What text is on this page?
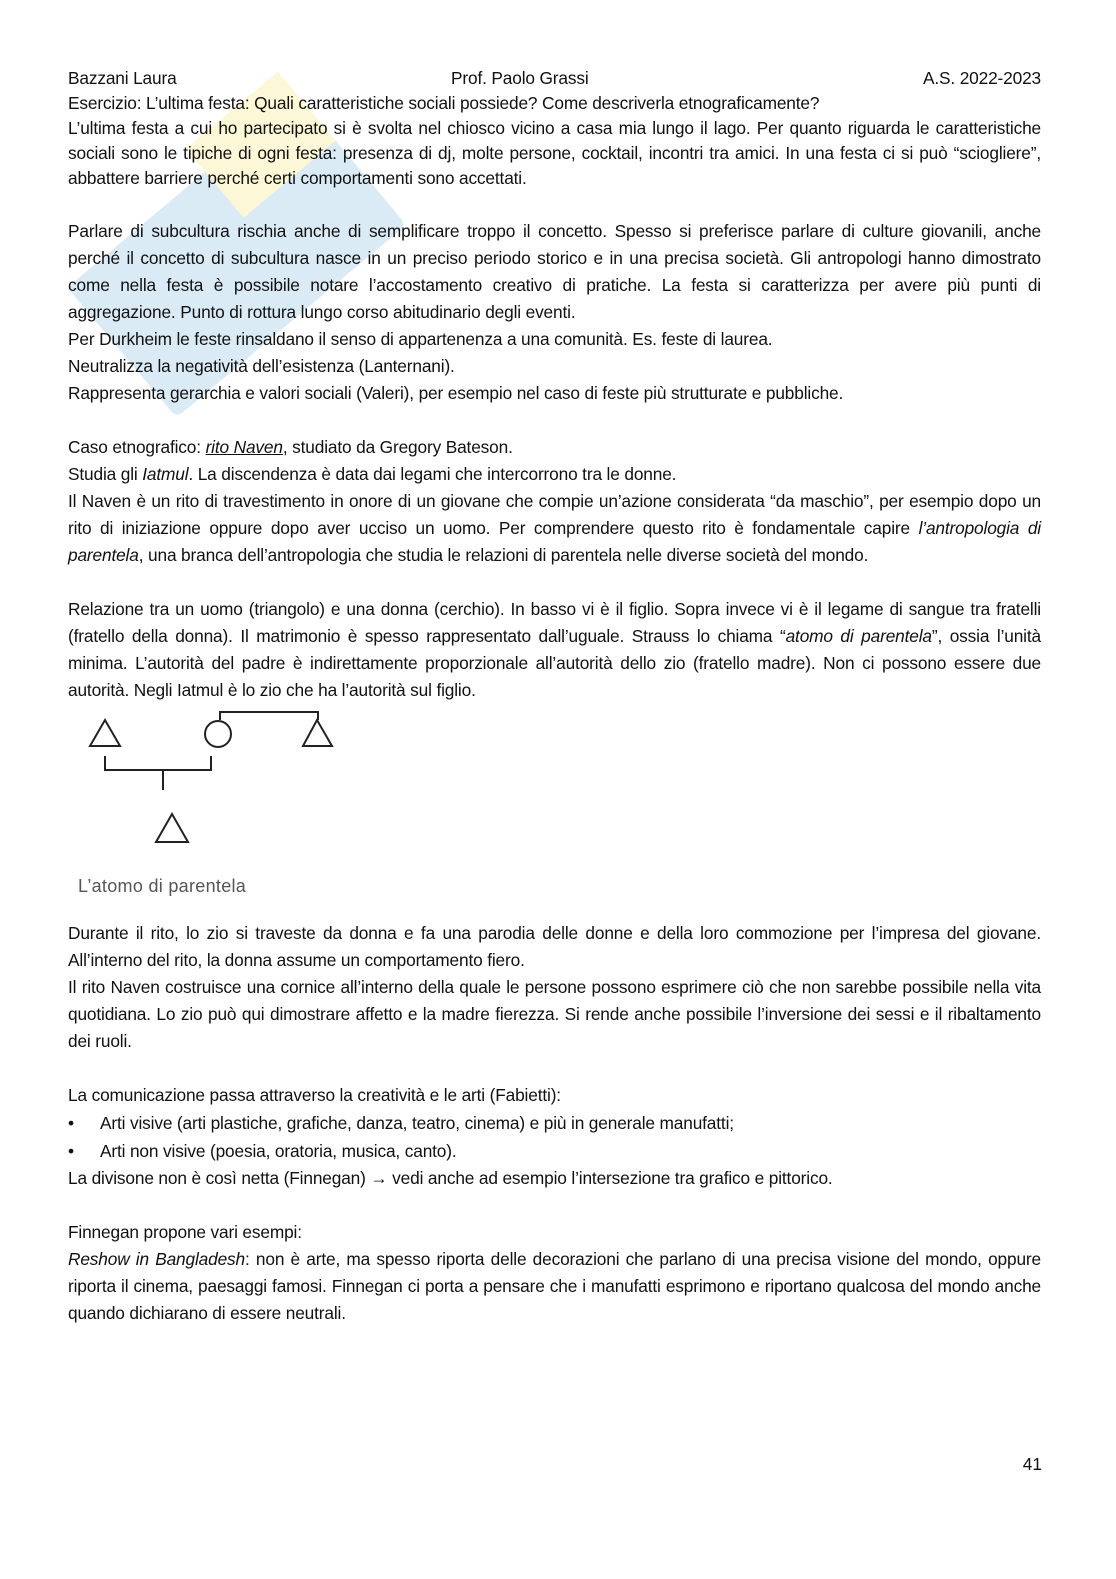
Bazzani Laura	Prof. Paolo Grassi	A.S. 2022-2023

Esercizio: L’ultima festa: Quali caratteristiche sociali possiede? Come descriverla etnograficamente?

L’ultima festa a cui ho partecipato si è svolta nel chiosco vicino a casa mia lungo il lago. Per quanto riguarda le caratteristiche sociali sono le tipiche di ogni festa: presenza di dj, molte persone, cocktail, incontri tra amici. In una festa ci si può “sciogliere”, abbattere barriere perché certi comportamenti sono accettati.

Parlare di subcultura rischia anche di semplificare troppo il concetto. Spesso si preferisce parlare di culture giovanili, anche perché il concetto di subcultura nasce in un preciso periodo storico e in una precisa società. Gli antropologi hanno dimostrato come nella festa è possibile notare l’accostamento creativo di pratiche. La festa si caratterizza per avere più punti di aggregazione. Punto di rottura lungo corso abitudinario degli eventi.

Per Durkheim le feste rinsaldano il senso di appartenenza a una comunità. Es. feste di laurea.

Neutralizza la negatività dell’esistenza (Lanternani).

Rappresenta gerarchia e valori sociali (Valeri), per esempio nel caso di feste più strutturate e pubbliche.

Caso etnografico: rito Naven, studiato da Gregory Bateson.

Studia gli Iatmul. La discendenza è data dai legami che intercorrono tra le donne.

Il Naven è un rito di travestimento in onore di un giovane che compie un’azione considerata “da maschio”, per esempio dopo un rito di iniziazione oppure dopo aver ucciso un uomo. Per comprendere questo rito è fondamentale capire l’antropologia di parentela, una branca dell’antropologia che studia le relazioni di parentela nelle diverse società del mondo.

Relazione tra un uomo (triangolo) e una donna (cerchio). In basso vi è il figlio. Sopra invece vi è il legame di sangue tra fratelli (fratello della donna). Il matrimonio è spesso rappresentato dall’uguale. Strauss lo chiama “atomo di parentela”, ossia l’unità minima. L’autorità del padre è indirettamente proporzionale all’autorità dello zio (fratello madre). Non ci possono essere due autorità. Negli Iatmul è lo zio che ha l’autorità sul figlio.

L’atomo di parentela

Durante il rito, lo zio si traveste da donna e fa una parodia delle donne e della loro commozione per l’impresa del giovane. All’interno del rito, la donna assume un comportamento fiero.

Il rito Naven costruisce una cornice all’interno della quale le persone possono esprimere ciò che non sarebbe possibile nella vita quotidiana. Lo zio può qui dimostrare affetto e la madre fierezza. Si rende anche possibile l’inversione dei sessi e il ribaltamento dei ruoli.

La comunicazione passa attraverso la creatività e le arti (Fabietti):

• Arti visive (arti plastiche, grafiche, danza, teatro, cinema) e più in generale manufatti;
• Arti non visive (poesia, oratoria, musica, canto).

La divisone non è così netta (Finnegan) → vedi anche ad esempio l’intersezione tra grafico e pittorico.

Finnegan propone vari esempi:

Reshow in Bangladesh: non è arte, ma spesso riporta delle decorazioni che parlano di una precisa visione del mondo, oppure riporta il cinema, paesaggi famosi. Finnegan ci porta a pensare che i manufatti esprimono e riportano qualcosa del mondo anche quando dichiarano di essere neutrali.

41
